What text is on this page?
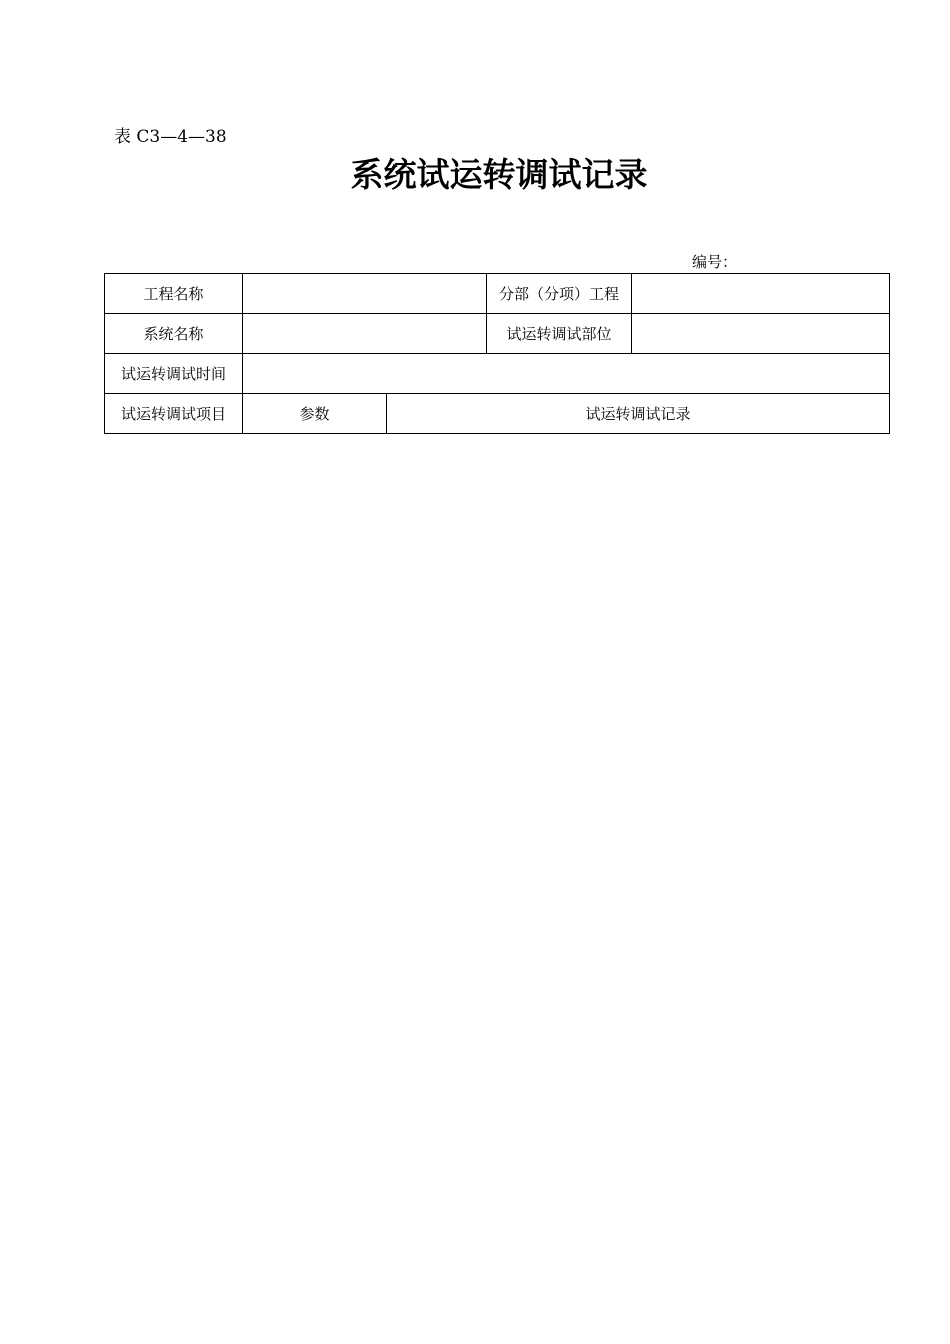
表 C3—4—38
系统试运转调试记录
编号：
工程名称			分部（分项）工程	
系统名称			试运转调试部位	
试运转调试时间				
试运转调试项目	参数	试运转调试记录		
